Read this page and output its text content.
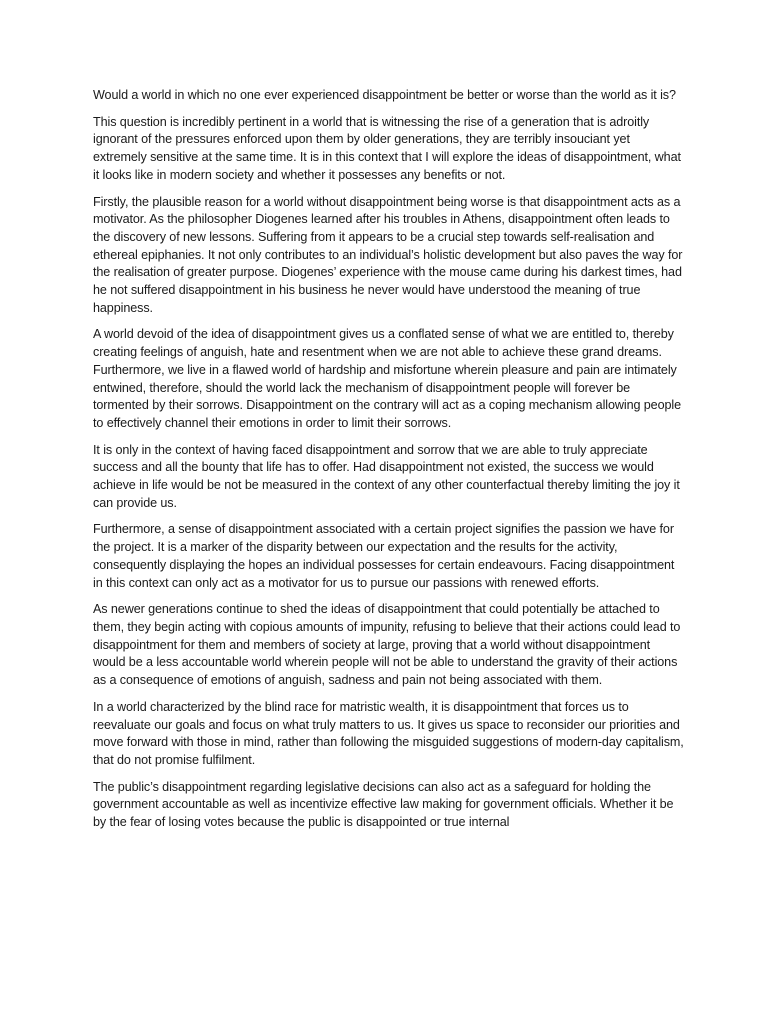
Would a world in which no one ever experienced disappointment be better or worse than the world as it is?

This question is incredibly pertinent in a world that is witnessing the rise of a generation that is adroitly ignorant of the pressures enforced upon them by older generations, they are terribly insouciant yet extremely sensitive at the same time. It is in this context that I will explore the ideas of disappointment, what it looks like in modern society and whether it possesses any benefits or not.

Firstly, the plausible reason for a world without disappointment being worse is that disappointment acts as a motivator. As the philosopher Diogenes learned after his troubles in Athens, disappointment often leads to the discovery of new lessons. Suffering from it appears to be a crucial step towards self-realisation and ethereal epiphanies. It not only contributes to an individual’s holistic development but also paves the way for the realisation of greater purpose. Diogenes’ experience with the mouse came during his darkest times, had he not suffered disappointment in his business he never would have understood the meaning of true happiness.

A world devoid of the idea of disappointment gives us a conflated sense of what we are entitled to, thereby creating feelings of anguish, hate and resentment when we are not able to achieve these grand dreams. Furthermore, we live in a flawed world of hardship and misfortune wherein pleasure and pain are intimately entwined, therefore, should the world lack the mechanism of disappointment people will forever be tormented by their sorrows. Disappointment on the contrary will act as a coping mechanism allowing people to effectively channel their emotions in order to limit their sorrows.

It is only in the context of having faced disappointment and sorrow that we are able to truly appreciate success and all the bounty that life has to offer. Had disappointment not existed, the success we would achieve in life would be not be measured in the context of any other counterfactual thereby limiting the joy it can provide us.

Furthermore, a sense of disappointment associated with a certain project signifies the passion we have for the project. It is a marker of the disparity between our expectation and the results for the activity, consequently displaying the hopes an individual possesses for certain endeavours. Facing disappointment in this context can only act as a motivator for us to pursue our passions with renewed efforts.

As newer generations continue to shed the ideas of disappointment that could potentially be attached to them, they begin acting with copious amounts of impunity, refusing to believe that their actions could lead to disappointment for them and members of society at large, proving that a world without disappointment would be a less accountable world wherein people will not be able to understand the gravity of their actions as a consequence of emotions of anguish, sadness and pain not being associated with them.

In a world characterized by the blind race for matristic wealth, it is disappointment that forces us to reevaluate our goals and focus on what truly matters to us. It gives us space to reconsider our priorities and move forward with those in mind, rather than following the misguided suggestions of modern-day capitalism, that do not promise fulfilment.

The public’s disappointment regarding legislative decisions can also act as a safeguard for holding the government accountable as well as incentivize effective law making for government officials. Whether it be by the fear of losing votes because the public is disappointed or true internal
